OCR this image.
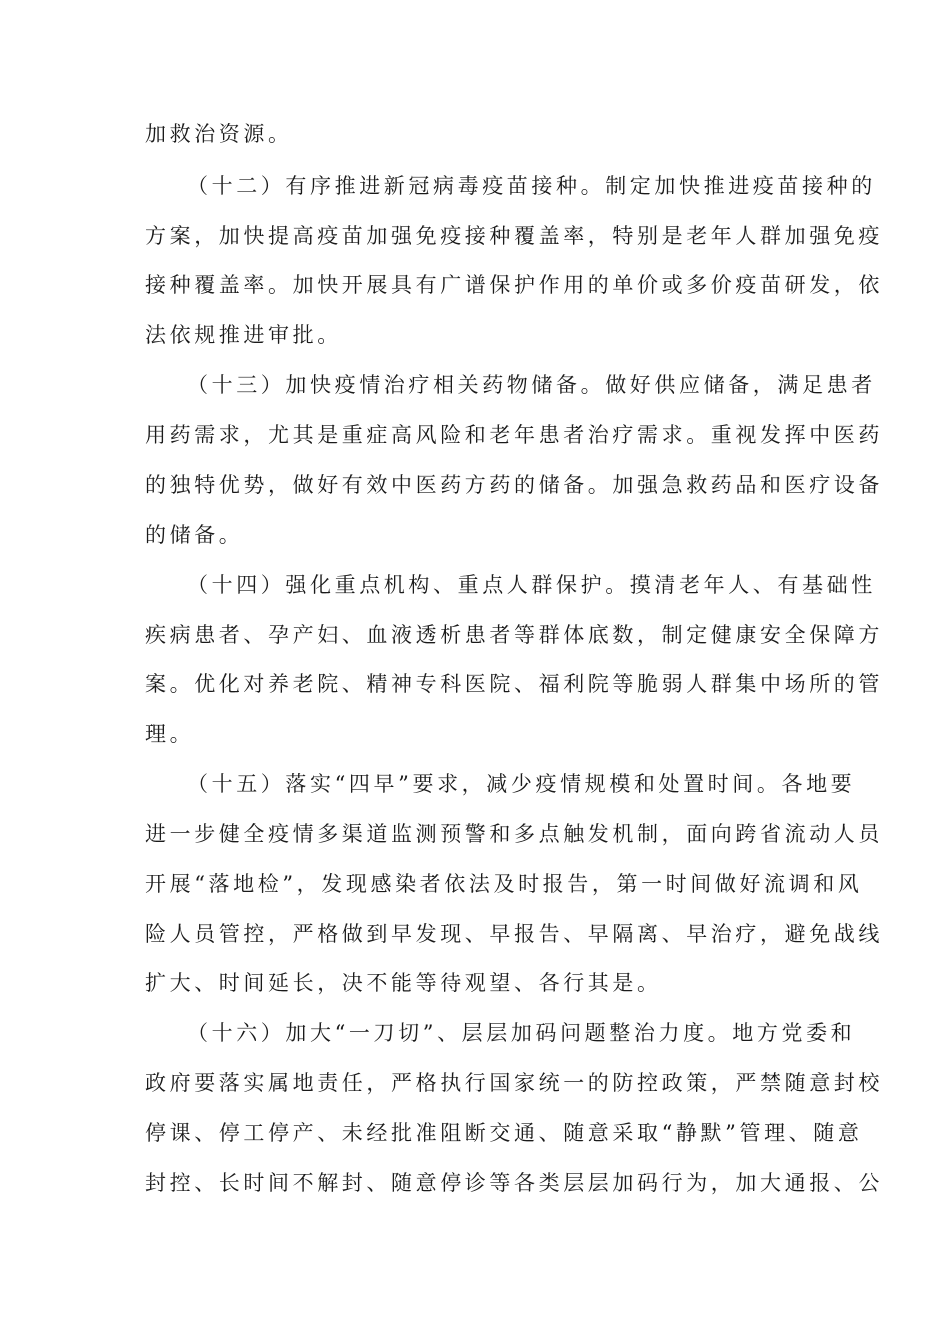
加救治资源。
（十二）有序推进新冠病毒疫苗接种。制定加快推进疫苗接种的
方案，加快提高疫苗加强免疫接种覆盖率，特别是老年人群加强免疫
接种覆盖率。加快开展具有广谱保护作用的单价或多价疫苗研发，依
法依规推进审批。
（十三）加快疫情治疗相关药物储备。做好供应储备，满足患者
用药需求，尤其是重症高风险和老年患者治疗需求。重视发挥中医药
的独特优势，做好有效中医药方药的储备。加强急救药品和医疗设备
的储备。
（十四）强化重点机构、重点人群保护。摸清老年人、有基础性
疾病患者、孕产妇、血液透析患者等群体底数，制定健康安全保障方
案。优化对养老院、精神专科医院、福利院等脆弱人群集中场所的管
理。
（十五）落实“四早”要求，减少疫情规模和处置时间。各地要
进一步健全疫情多渠道监测预警和多点触发机制，面向跨省流动人员
开展“落地检”，发现感染者依法及时报告，第一时间做好流调和风
险人员管控，严格做到早发现、早报告、早隔离、早治疗，避免战线
扩大、时间延长，决不能等待观望、各行其是。
（十六）加大“一刀切”、层层加码问题整治力度。地方党委和
政府要落实属地责任，严格执行国家统一的防控政策，严禁随意封校
停课、停工停产、未经批准阻断交通、随意采取“静默”管理、随意
封控、长时间不解封、随意停诊等各类层层加码行为，加大通报、公
